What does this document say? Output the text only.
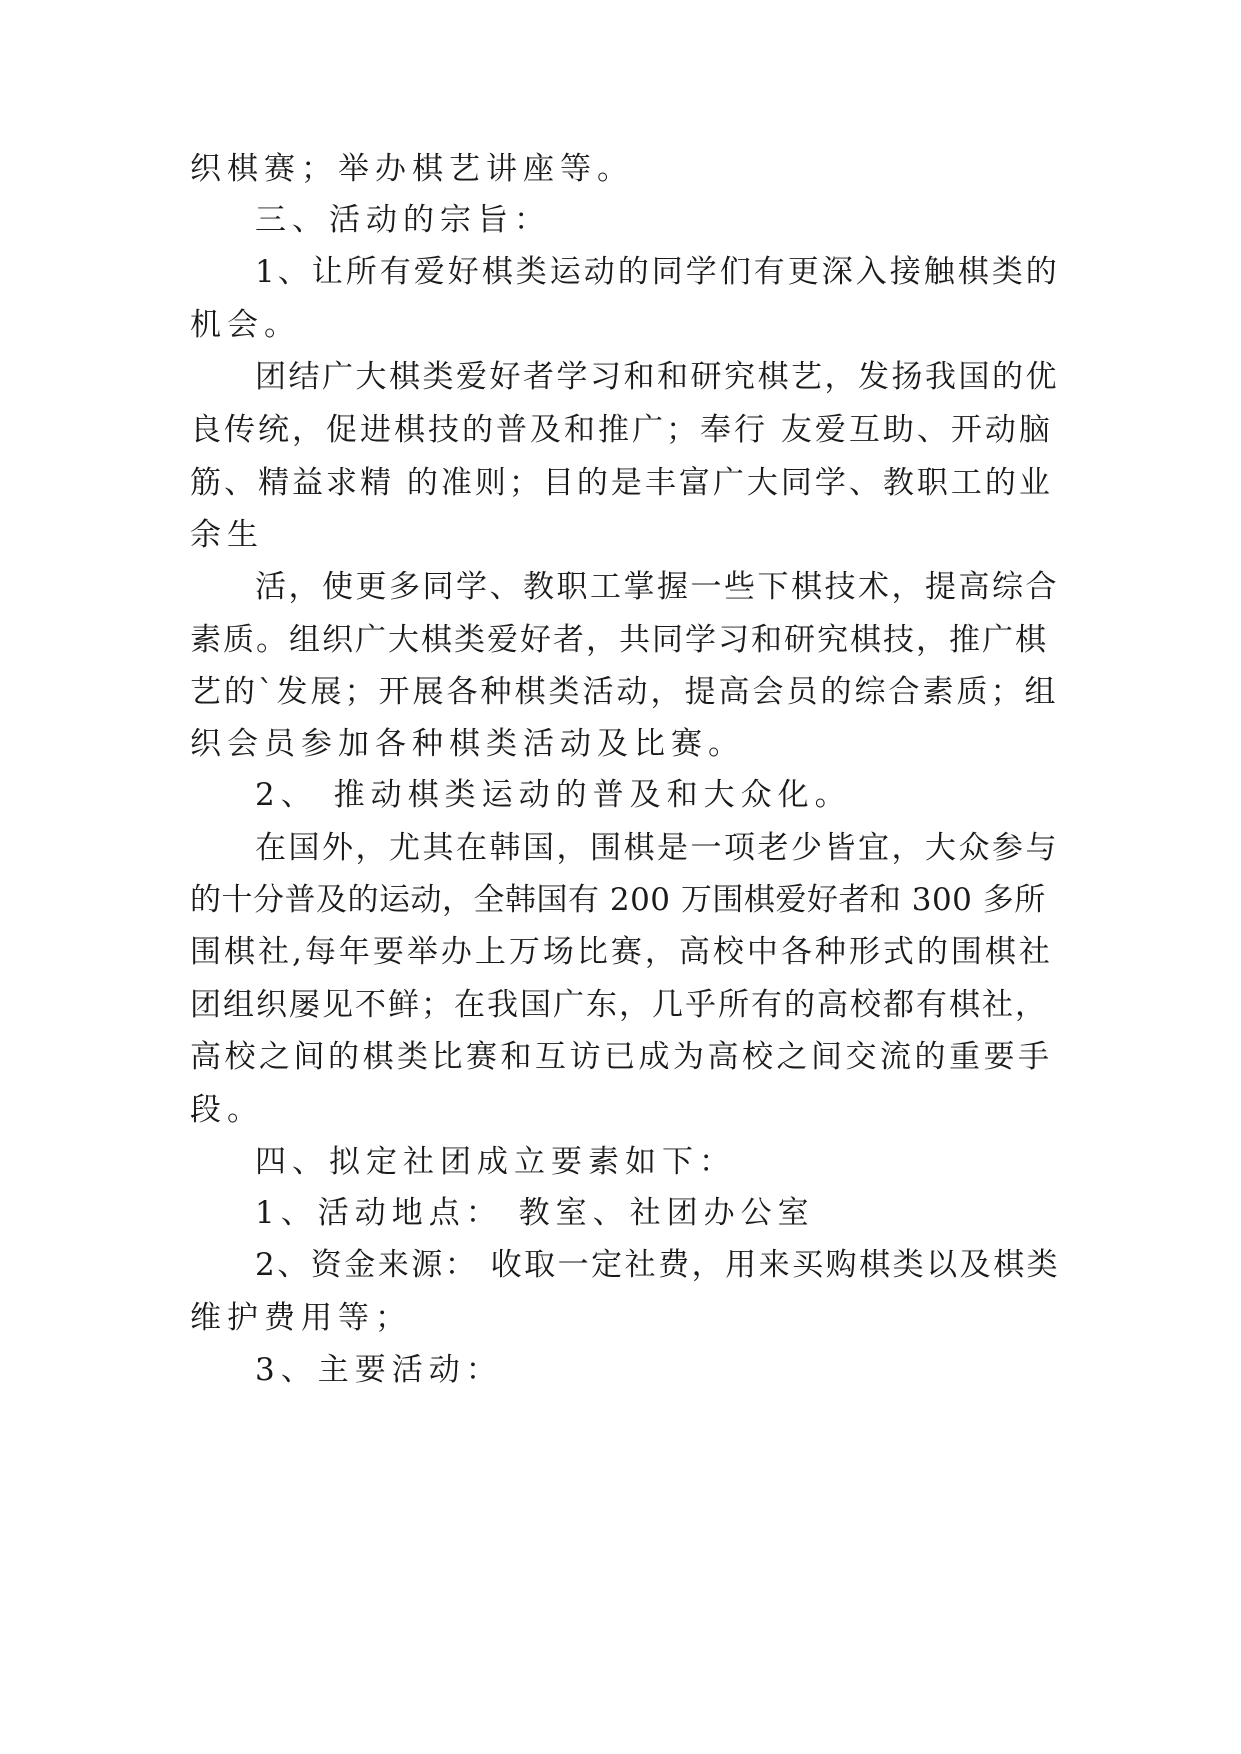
织棋赛；举办棋艺讲座等。

三、活动的宗旨：

1、让所有爱好棋类运动的同学们有更深入接触棋类的

机会。

团结广大棋类爱好者学习和和研究棋艺，发扬我国的优

良传统，促进棋技的普及和推广；奉行 友爱互助、开动脑

筋、精益求精 的准则；目的是丰富广大同学、教职工的业

余生

活，使更多同学、教职工掌握一些下棋技术，提高综合

素质。组织广大棋类爱好者，共同学习和研究棋技，推广棋

艺的`发展；开展各种棋类活动，提高会员的综合素质；组

织会员参加各种棋类活动及比赛。

2、 推动棋类运动的普及和大众化。

在国外，尤其在韩国，围棋是一项老少皆宜，大众参与

的十分普及的运动，全韩国有 200 万围棋爱好者和 300 多所

围棋社,每年要举办上万场比赛，高校中各种形式的围棋社

团组织屡见不鲜；在我国广东，几乎所有的高校都有棋社，

高校之间的棋类比赛和互访已成为高校之间交流的重要手

段。

四、拟定社团成立要素如下：

1、活动地点： 教室、社团办公室

2、资金来源： 收取一定社费，用来买购棋类以及棋类

维护费用等；

3、主要活动：
